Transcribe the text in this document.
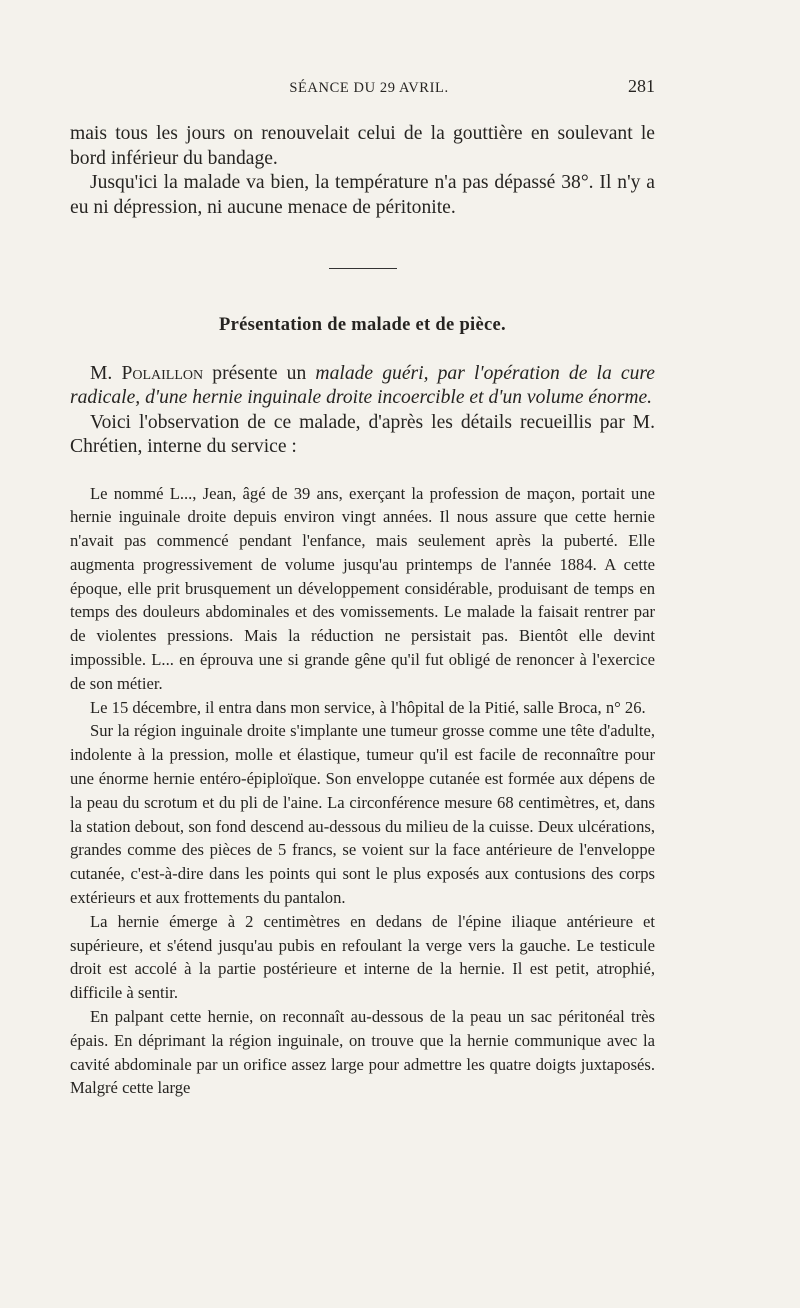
SÉANCE DU 29 AVRIL.	281

mais tous les jours on renouvelait celui de la gouttière en soulevant le bord inférieur du bandage.

Jusqu'ici la malade va bien, la température n'a pas dépassé 38°. Il n'y a eu ni dépression, ni aucune menace de péritonite.

Présentation de malade et de pièce.

M. Polaillon présente un malade guéri, par l'opération de la cure radicale, d'une hernie inguinale droite incoercible et d'un volume énorme.

Voici l'observation de ce malade, d'après les détails recueillis par M. Chrétien, interne du service :

Le nommé L..., Jean, âgé de 39 ans, exerçant la profession de maçon, portait une hernie inguinale droite depuis environ vingt années. Il nous assure que cette hernie n'avait pas commencé pendant l'enfance, mais seulement après la puberté. Elle augmenta progressivement de volume jusqu'au printemps de l'année 1884. A cette époque, elle prit brusquement un développement considérable, produisant de temps en temps des douleurs abdominales et des vomissements. Le malade la faisait rentrer par de violentes pressions. Mais la réduction ne persistait pas. Bientôt elle devint impossible. L... en éprouva une si grande gêne qu'il fut obligé de renoncer à l'exercice de son métier.

Le 15 décembre, il entra dans mon service, à l'hôpital de la Pitié, salle Broca, n° 26.

Sur la région inguinale droite s'implante une tumeur grosse comme une tête d'adulte, indolente à la pression, molle et élastique, tumeur qu'il est facile de reconnaître pour une énorme hernie entéro-épiploïque. Son enveloppe cutanée est formée aux dépens de la peau du scrotum et du pli de l'aine. La circonférence mesure 68 centimètres, et, dans la station debout, son fond descend au-dessous du milieu de la cuisse. Deux ulcérations, grandes comme des pièces de 5 francs, se voient sur la face antérieure de l'enveloppe cutanée, c'est-à-dire dans les points qui sont le plus exposés aux contusions des corps extérieurs et aux frottements du pantalon.

La hernie émerge à 2 centimètres en dedans de l'épine iliaque antérieure et supérieure, et s'étend jusqu'au pubis en refoulant la verge vers la gauche. Le testicule droit est accolé à la partie postérieure et interne de la hernie. Il est petit, atrophié, difficile à sentir.

En palpant cette hernie, on reconnaît au-dessous de la peau un sac péritonéal très épais. En déprimant la région inguinale, on trouve que la hernie communique avec la cavité abdominale par un orifice assez large pour admettre les quatre doigts juxtaposés. Malgré cette large
